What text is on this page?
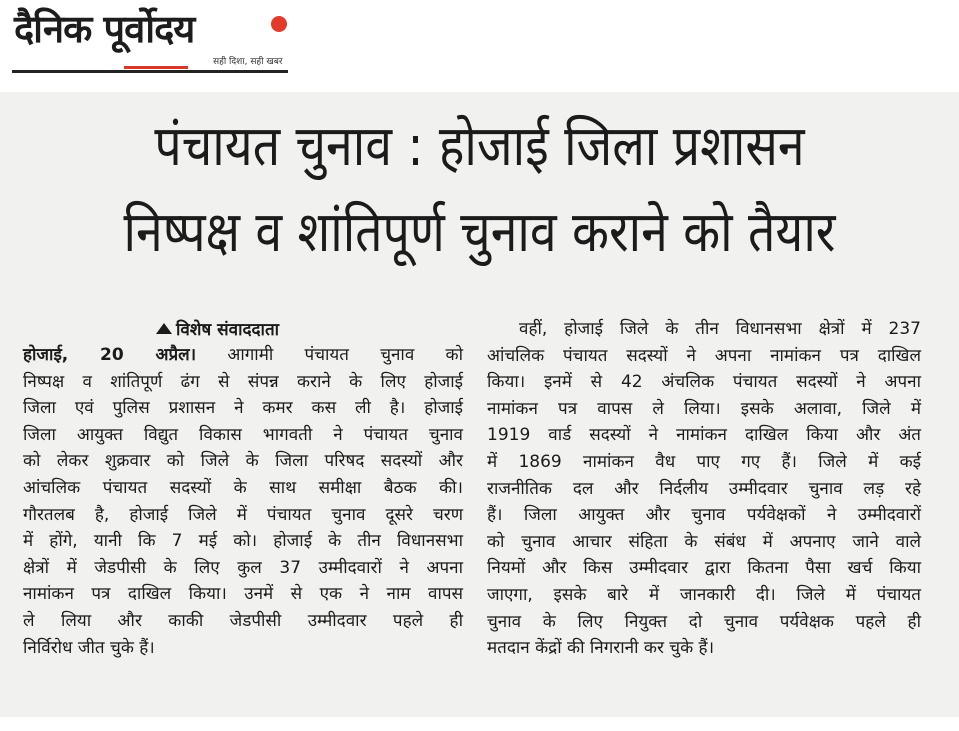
दैनिक पूर्वोदय
सही दिशा, सही खबर
पंचायत चुनाव : होजाई जिला प्रशासन
निष्पक्ष व शांतिपूर्ण चुनाव कराने को तैयार
विशेष संवाददाता
होजाई, 20 अप्रैल। आगामी पंचायत चुनाव को
निष्पक्ष व शांतिपूर्ण ढंग से संपन्न कराने के लिए होजाई
जिला एवं पुलिस प्रशासन ने कमर कस ली है। होजाई
जिला आयुक्त विद्युत विकास भागवती ने पंचायत चुनाव
को लेकर शुक्रवार को जिले के जिला परिषद सदस्यों और
आंचलिक पंचायत सदस्यों के साथ समीक्षा बैठक की।
गौरतलब है, होजाई जिले में पंचायत चुनाव दूसरे चरण
में होंगे, यानी कि 7 मई को। होजाई के तीन विधानसभा
क्षेत्रों में जेडपीसी के लिए कुल 37 उम्मीदवारों ने अपना
नामांकन पत्र दाखिल किया। उनमें से एक ने नाम वापस
ले लिया और काकी जेडपीसी उम्मीदवार पहले ही
निर्विरोध जीत चुके हैं।
वहीं, होजाई जिले के तीन विधानसभा क्षेत्रों में 237
आंचलिक पंचायत सदस्यों ने अपना नामांकन पत्र दाखिल
किया। इनमें से 42 अंचलिक पंचायत सदस्यों ने अपना
नामांकन पत्र वापस ले लिया। इसके अलावा, जिले में
1919 वार्ड सदस्यों ने नामांकन दाखिल किया और अंत
में 1869 नामांकन वैध पाए गए हैं। जिले में कई
राजनीतिक दल और निर्दलीय उम्मीदवार चुनाव लड़ रहे
हैं। जिला आयुक्त और चुनाव पर्यवेक्षकों ने उम्मीदवारों
को चुनाव आचार संहिता के संबंध में अपनाए जाने वाले
नियमों और किस उम्मीदवार द्वारा कितना पैसा खर्च किया
जाएगा, इसके बारे में जानकारी दी। जिले में पंचायत
चुनाव के लिए नियुक्त दो चुनाव पर्यवेक्षक पहले ही
मतदान केंद्रों की निगरानी कर चुके हैं।
